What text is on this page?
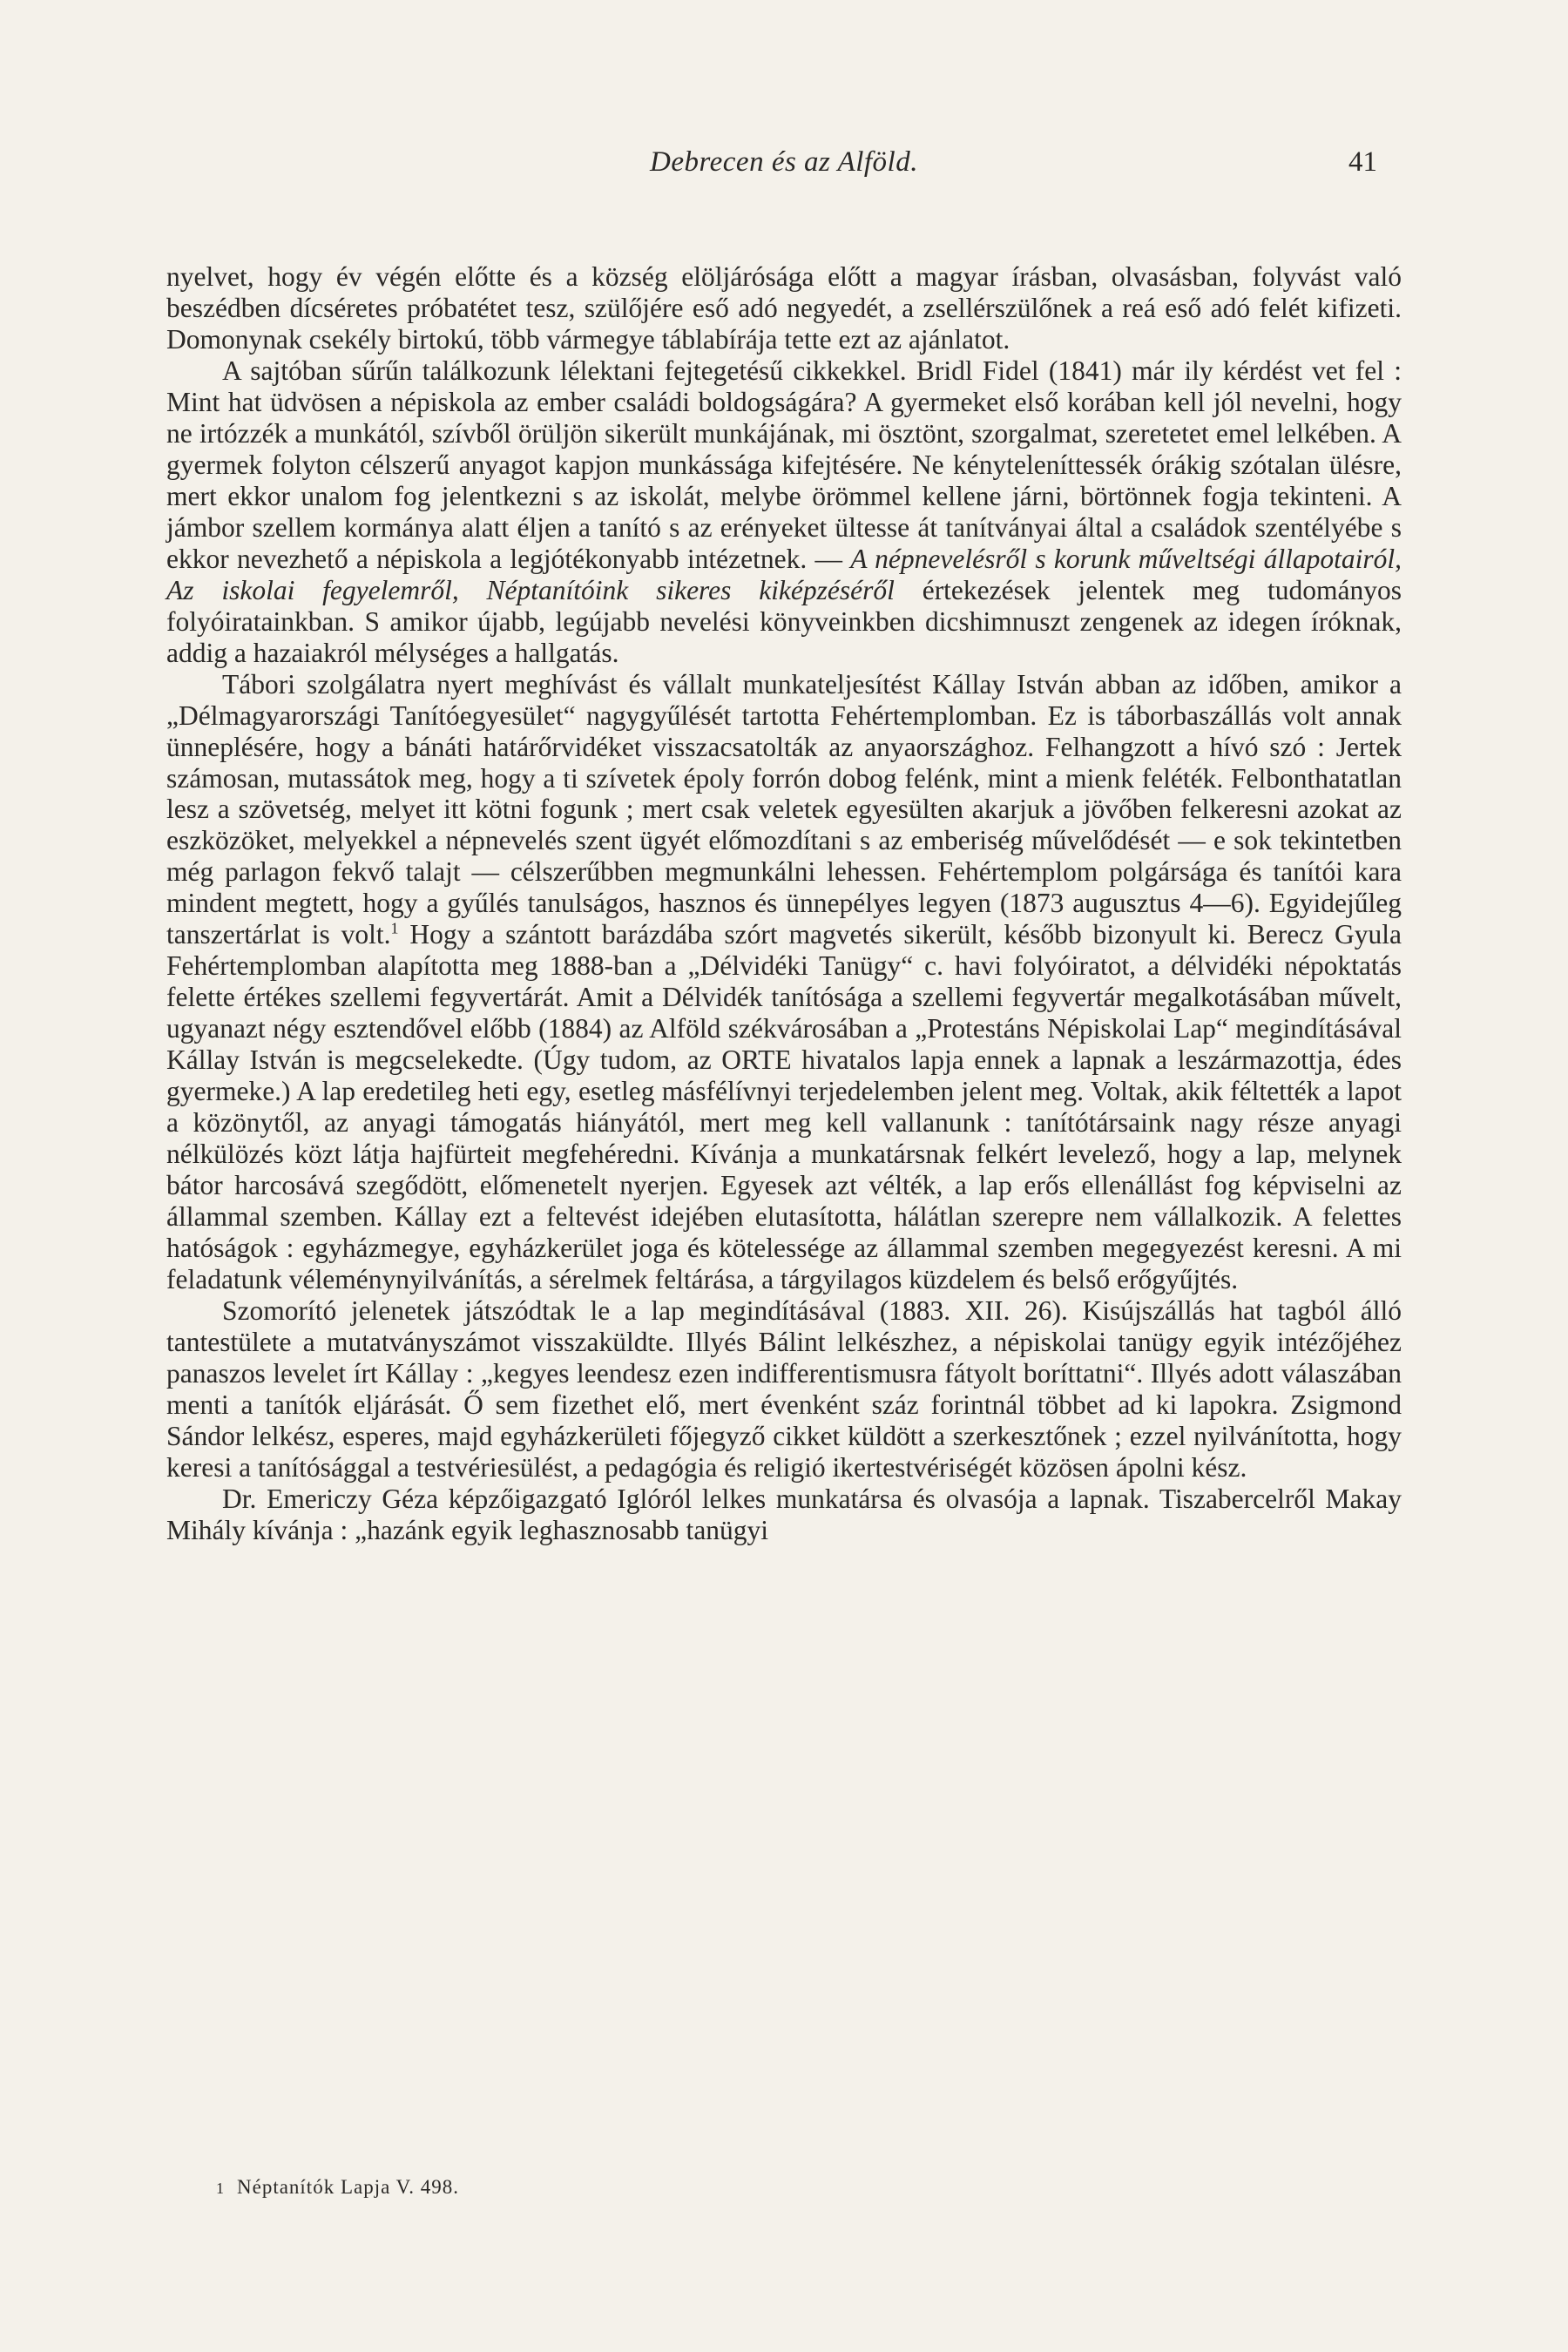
Debrecen és az Alföld.	41

nyelvet, hogy év végén előtte és a község elöljárósága előtt a magyar írásban, olvasásban, folyvást való beszédben dícséretes próbatétet tesz, szülőjére eső adó negyedét, a zsellérszülőnek a reá eső adó felét kifizeti. Domonynak csekély birtokú, több vármegye táblabírája tette ezt az ajánlatot.

A sajtóban sűrűn találkozunk lélektani fejtegetésű cikkekkel. Bridl Fidel (1841) már ily kérdést vet fel : Mint hat üdvösen a népiskola az ember családi boldogságára? A gyermeket első korában kell jól nevelni, hogy ne irtózzék a munkától, szívből örüljön sikerült munkájának, mi ösztönt, szorgalmat, szeretetet emel lelkében. A gyermek folyton célszerű anyagot kapjon munkássága kifejtésére. Ne kényteleníttessék órákig szótalan ülésre, mert ekkor unalom fog jelentkezni s az iskolát, melybe örömmel kellene járni, börtönnek fogja tekinteni. A jámbor szellem kormánya alatt éljen a tanító s az erényeket ültesse át tanítványai által a családok szentélyébe s ekkor nevezhető a népiskola a legjótékonyabb intézetnek. — A népnevelésről s korunk műveltségi állapotairól, Az iskolai fegyelemről, Néptanítóink sikeres kiképzéséről értekezések jelentek meg tudományos folyóiratainkban. S amikor újabb, legújabb nevelési könyveinkben dicshimnuszt zengenek az idegen íróknak, addig a hazaiakról mélységes a hallgatás.

Tábori szolgálatra nyert meghívást és vállalt munkateljesítést Kállay István abban az időben, amikor a „Délmagyarországi Tanítóegyesület“ nagygyűlését tartotta Fehértemplomban. Ez is táborbaszállás volt annak ünneplésére, hogy a bánáti határőrvidéket visszacsatolták az anyaországhoz. Felhangzott a hívó szó : Jertek számosan, mutassátok meg, hogy a ti szívetek époly forrón dobog felénk, mint a mienk feléték. Felbonthatatlan lesz a szövetség, melyet itt kötni fogunk ; mert csak veletek egyesülten akarjuk a jövőben felkeresni azokat az eszközöket, melyekkel a népnevelés szent ügyét előmozdítani s az emberiség művelődését — e sok tekintetben még parlagon fekvő talajt — célszerűbben megmunkálni lehessen. Fehértemplom polgársága és tanítói kara mindent megtett, hogy a gyűlés tanulságos, hasznos és ünnepélyes legyen (1873 augusztus 4—6). Egyidejűleg tanszertárlat is volt.$^1$ Hogy a szántott barázdába szórt magvetés sikerült, később bizonyult ki. Berecz Gyula Fehértemplomban alapította meg 1888-ban a „Délvidéki Tanügy“ c. havi folyóiratot, a délvidéki népoktatás felette értékes szellemi fegyvertárát. Amit a Délvidék tanítósága a szellemi fegyvertár megalkotásában művelt, ugyanazt négy esztendővel előbb (1884) az Alföld székvárosában a „Protestáns Népiskolai Lap“ megindításával Kállay István is megcselekedte. (Úgy tudom, az ORTE hivatalos lapja ennek a lapnak a leszármazottja, édes gyermeke.) A lap eredetileg heti egy, esetleg másfélívnyi terjedelemben jelent meg. Voltak, akik féltették a lapot a közönytől, az anyagi támogatás hiányától, mert meg kell vallanunk : tanítótársaink nagy része anyagi nélkülözés közt látja hajfürteit megfehéredni. Kívánja a munkatársnak felkért levelező, hogy a lap, melynek bátor harcosává szegődött, előmenetelt nyerjen. Egyesek azt vélték, a lap erős ellenállást fog képviselni az állammal szemben. Kállay ezt a feltevést idejében elutasította, hálátlan szerepre nem vállalkozik. A felettes hatóságok : egyházmegye, egyházkerület joga és kötelessége az állammal szemben megegyezést keresni. A mi feladatunk véleménynyilvánítás, a sérelmek feltárása, a tárgyilagos küzdelem és belső erőgyűjtés.

Szomorító jelenetek játszódtak le a lap megindításával (1883. XII. 26). Kisújszállás hat tagból álló tantestülete a mutatványszámot visszaküldte. Illyés Bálint lelkészhez, a népiskolai tanügy egyik intézőjéhez panaszos levelet írt Kállay : „kegyes leendesz ezen indifferentismusra fátyolt boríttatni“. Illyés adott válaszában menti a tanítók eljárását. Ő sem fizethet elő, mert évenként száz forintnál többet ad ki lapokra. Zsigmond Sándor lelkész, esperes, majd egyházkerületi főjegyző cikket küldött a szerkesztőnek ; ezzel nyilvánította, hogy keresi a tanítósággal a testvériesülést, a pedagógia és religió ikertestvériségét közösen ápolni kész.

Dr. Emericzy Géza képzőigazgató Iglóról lelkes munkatársa és olvasója a lapnak. Tiszabercelről Makay Mihály kívánja : „hazánk egyik leghasznosabb tanügyi

1 Néptanítók Lapja V. 498.
